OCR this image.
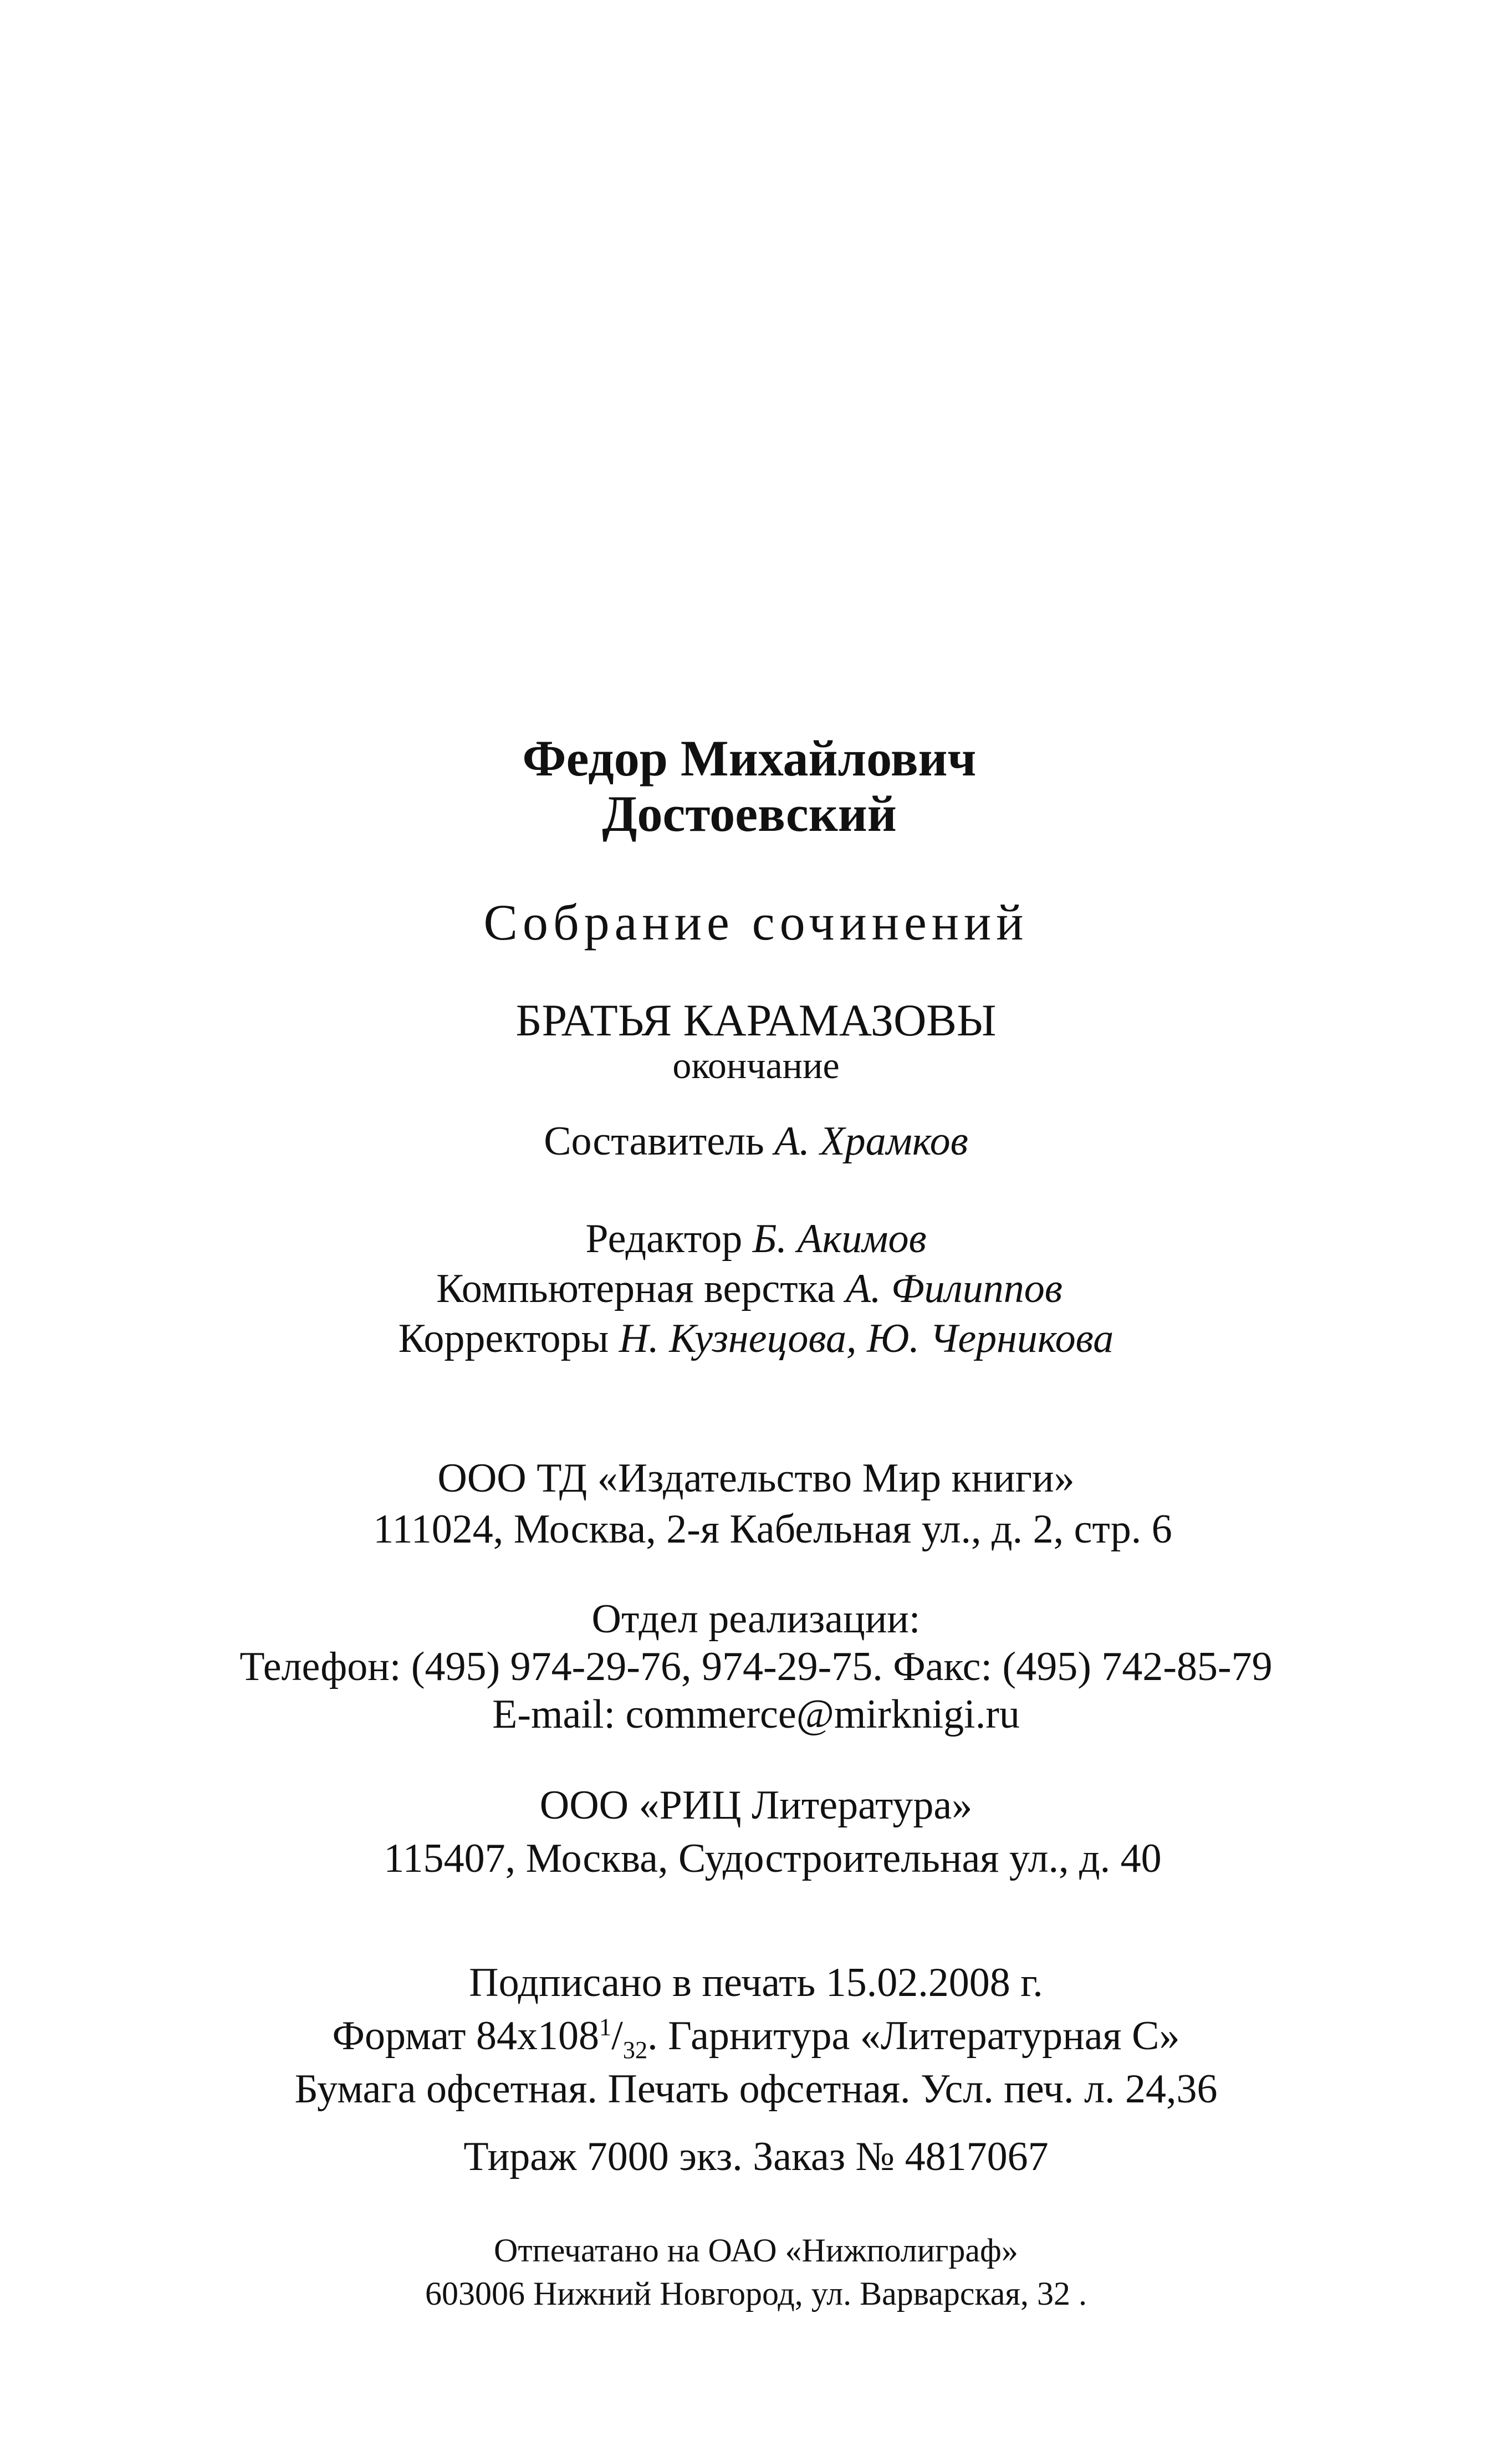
Федор Михайлович
Достоевский
Собрание сочинений
БРАТЬЯ КАРАМАЗОВЫ
окончание
Составитель А. Храмков
Редактор Б. Акимов
Компьютерная верстка А. Филиппов
Корректоры Н. Кузнецова, Ю. Черникова
ООО ТД «Издательство Мир книги»
111024, Москва, 2-я Кабельная ул., д. 2, стр. 6
Отдел реализации:
Телефон: (495) 974-29-76, 974-29-75. Факс: (495) 742-85-79
E-mail: commerce@mirknigi.ru
ООО «РИЦ Литература»
115407, Москва, Судостроительная ул., д. 40
Подписано в печать 15.02.2008 г.
Формат $84х108^1/_{32}$. Гарнитура «Литературная С»
Бумага офсетная. Печать офсетная. Усл. печ. л. 24,36
Тираж 7000 экз. Заказ № 4817067
Отпечатано на ОАО «Нижполиграф»
603006 Нижний Новгород, ул. Варварская, 32 .
